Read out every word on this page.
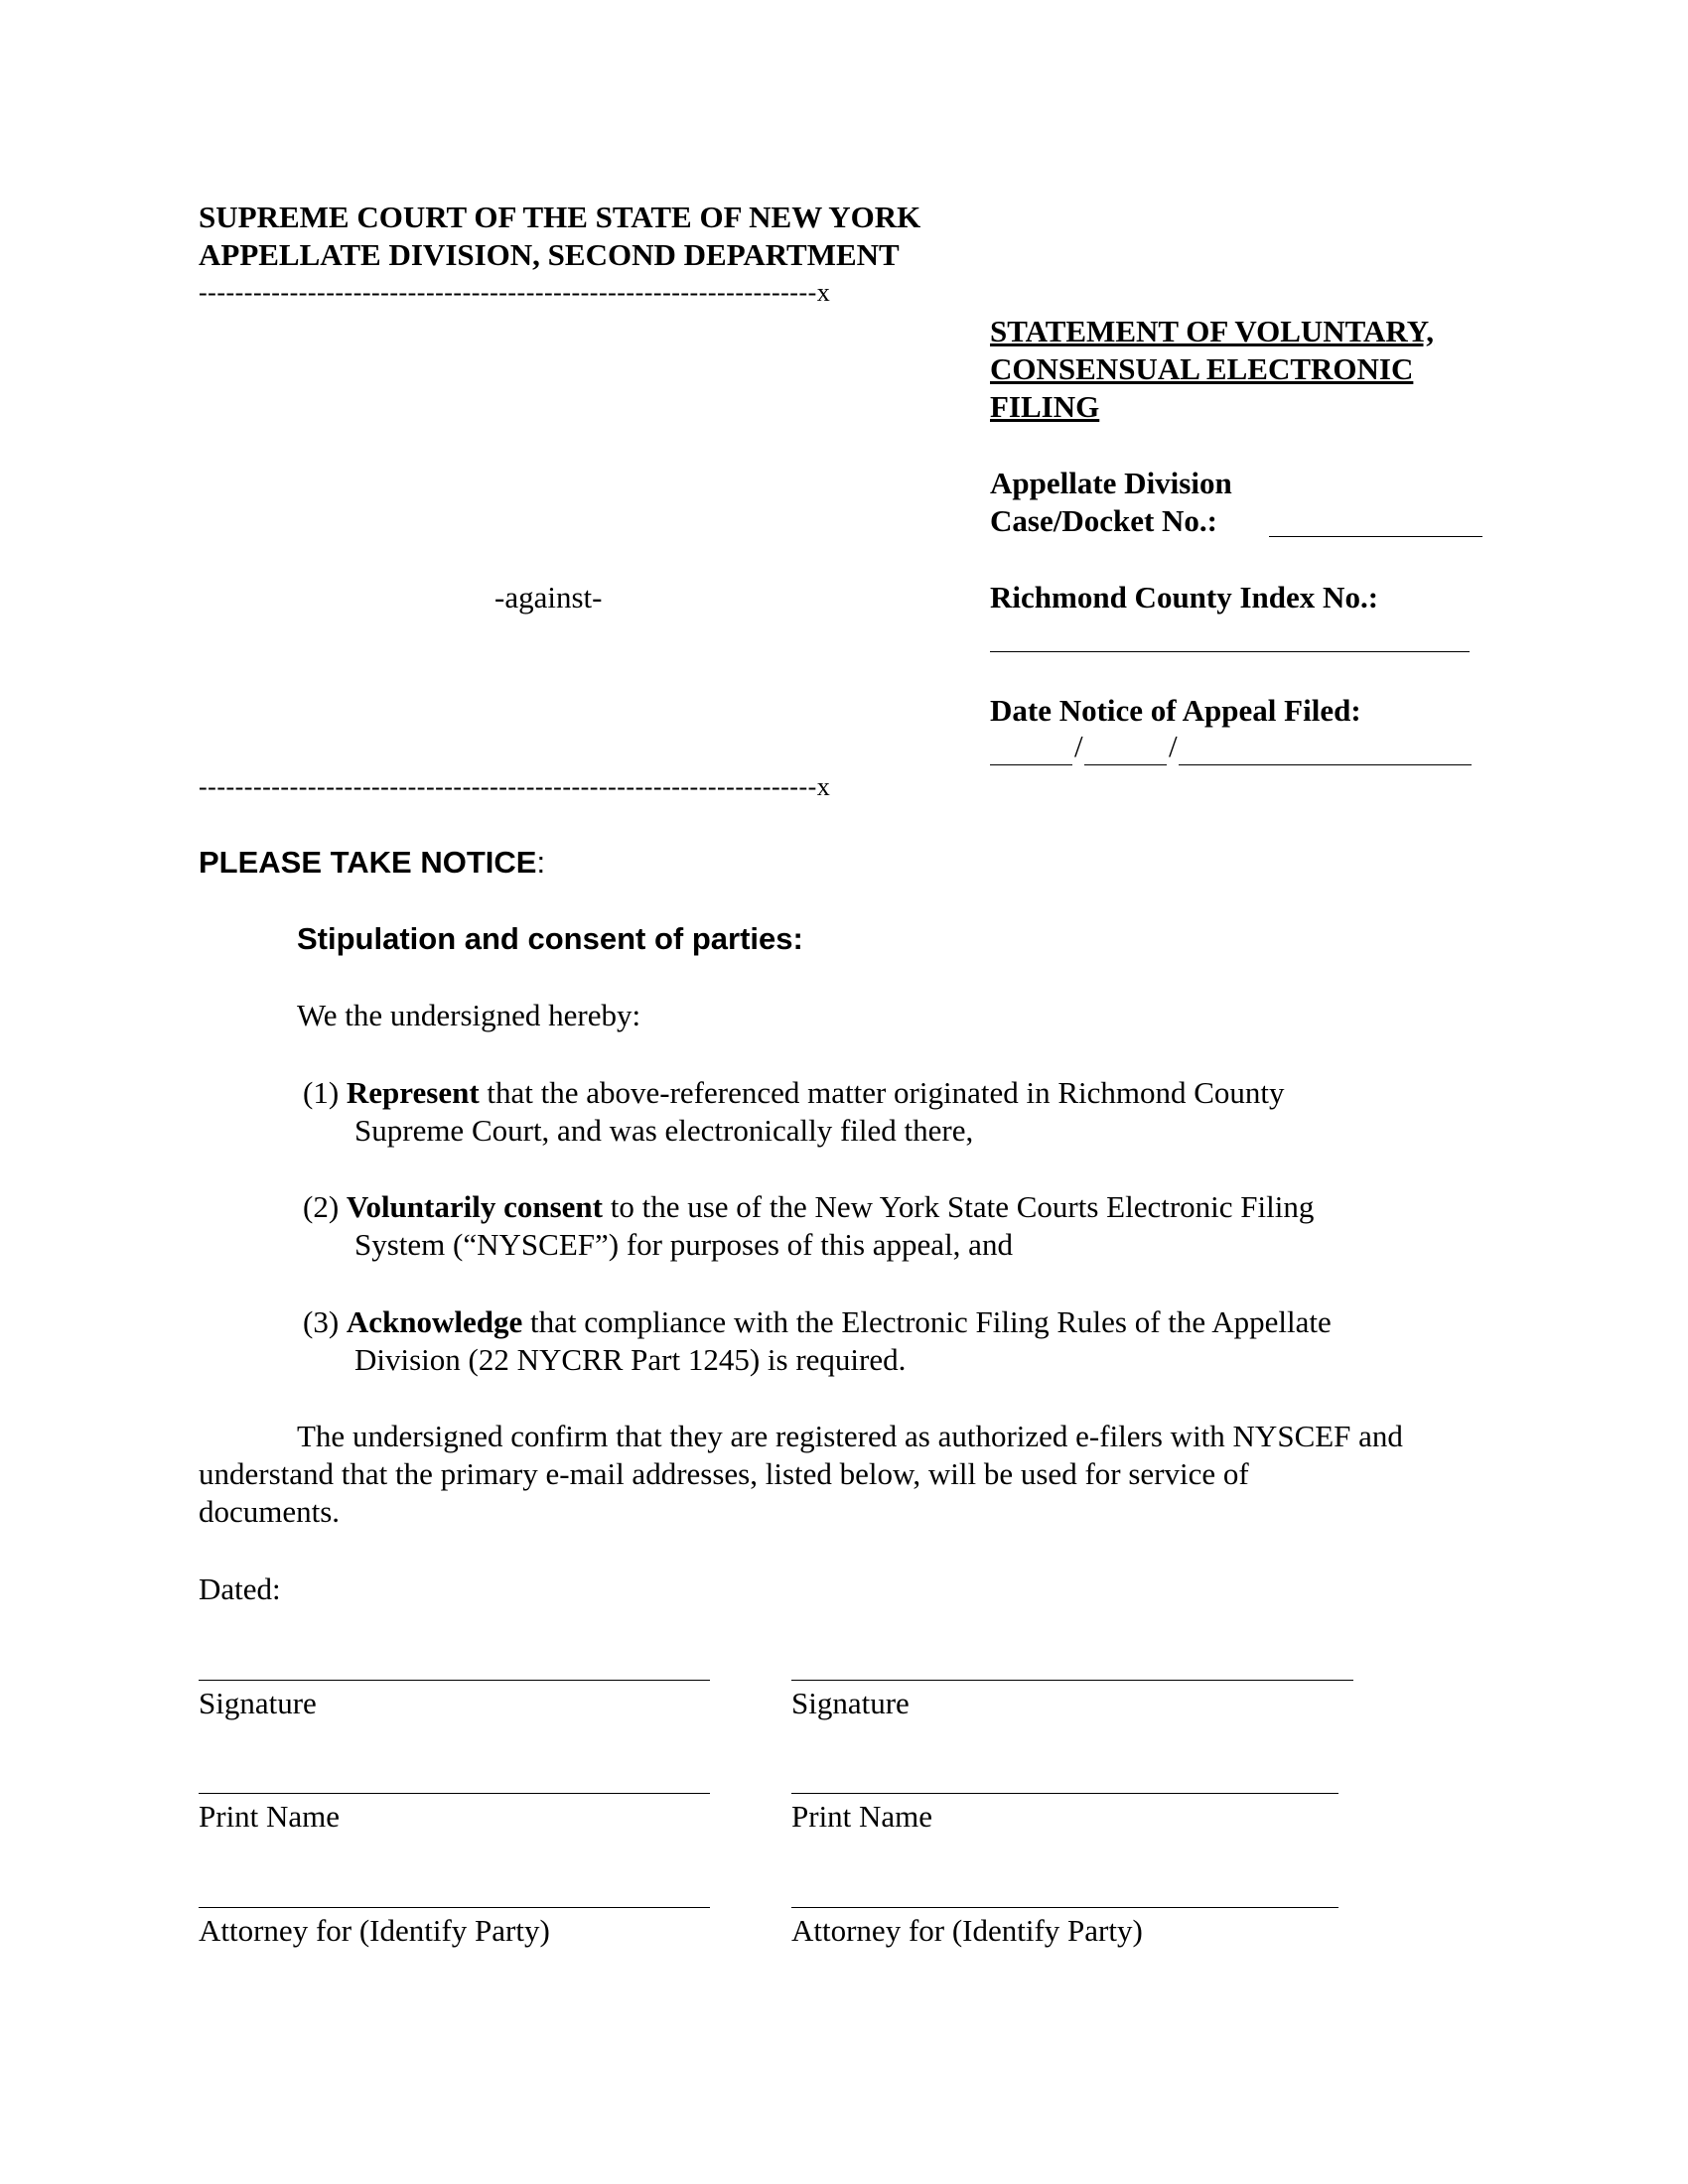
SUPREME COURT OF THE STATE OF NEW YORK
APPELLATE DIVISION, SECOND DEPARTMENT
--------------------------------------------------------------------x
STATEMENT OF VOLUNTARY,
CONSENSUAL ELECTRONIC
FILING
Appellate Division
Case/Docket No.:
-against-	Richmond County Index No.:
Date Notice of Appeal Filed:
/	/
--------------------------------------------------------------------x
PLEASE TAKE NOTICE:
Stipulation and consent of parties:
We the undersigned hereby:
(1) Represent that the above-referenced matter originated in Richmond County
Supreme Court, and was electronically filed there,
(2) Voluntarily consent to the use of the New York State Courts Electronic Filing
System (“NYSCEF”) for purposes of this appeal, and
(3) Acknowledge that compliance with the Electronic Filing Rules of the Appellate
Division (22 NYCRR Part 1245) is required.
The undersigned confirm that they are registered as authorized e-filers with NYSCEF and
understand that the primary e-mail addresses, listed below, will be used for service of
documents.
Dated:
Signature
Print Name
Attorney for (Identify Party)
Signature
Print Name
Attorney for (Identify Party)
